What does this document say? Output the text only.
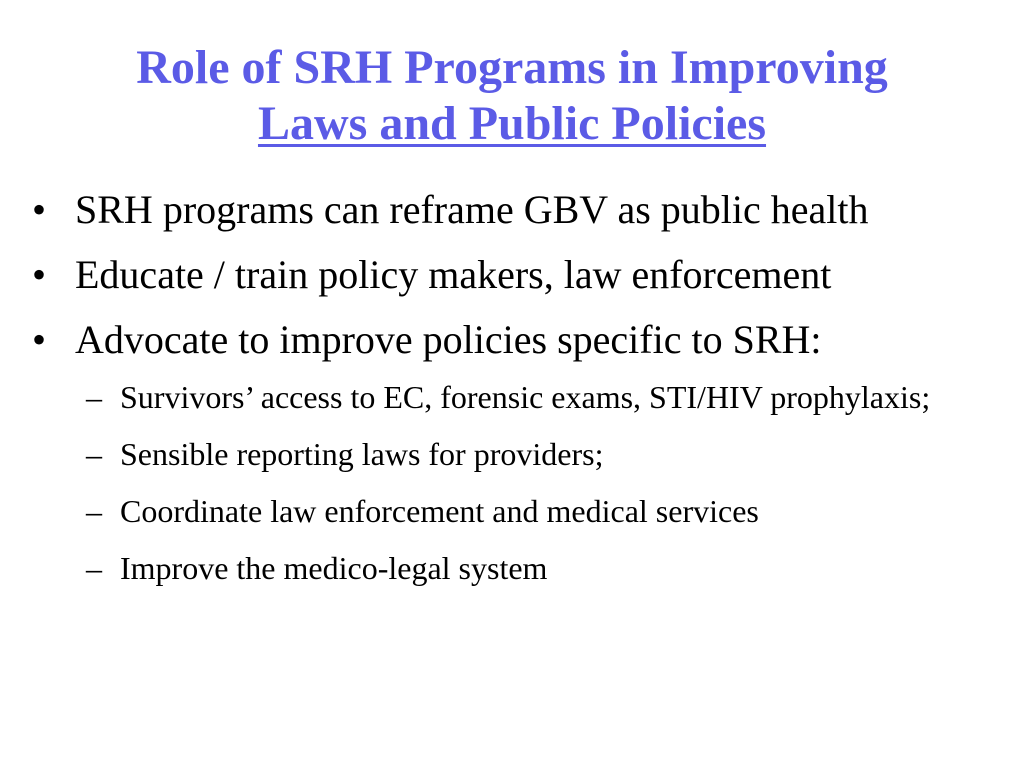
Role of SRH Programs in Improving
Laws and Public Policies
• SRH programs can reframe GBV as public health
• Educate / train policy makers, law enforcement
• Advocate to improve policies specific to SRH:
– Survivors’ access to EC, forensic exams, STI/HIV prophylaxis;
– Sensible reporting laws for providers;
– Coordinate law enforcement and medical services
– Improve the medico-legal system
